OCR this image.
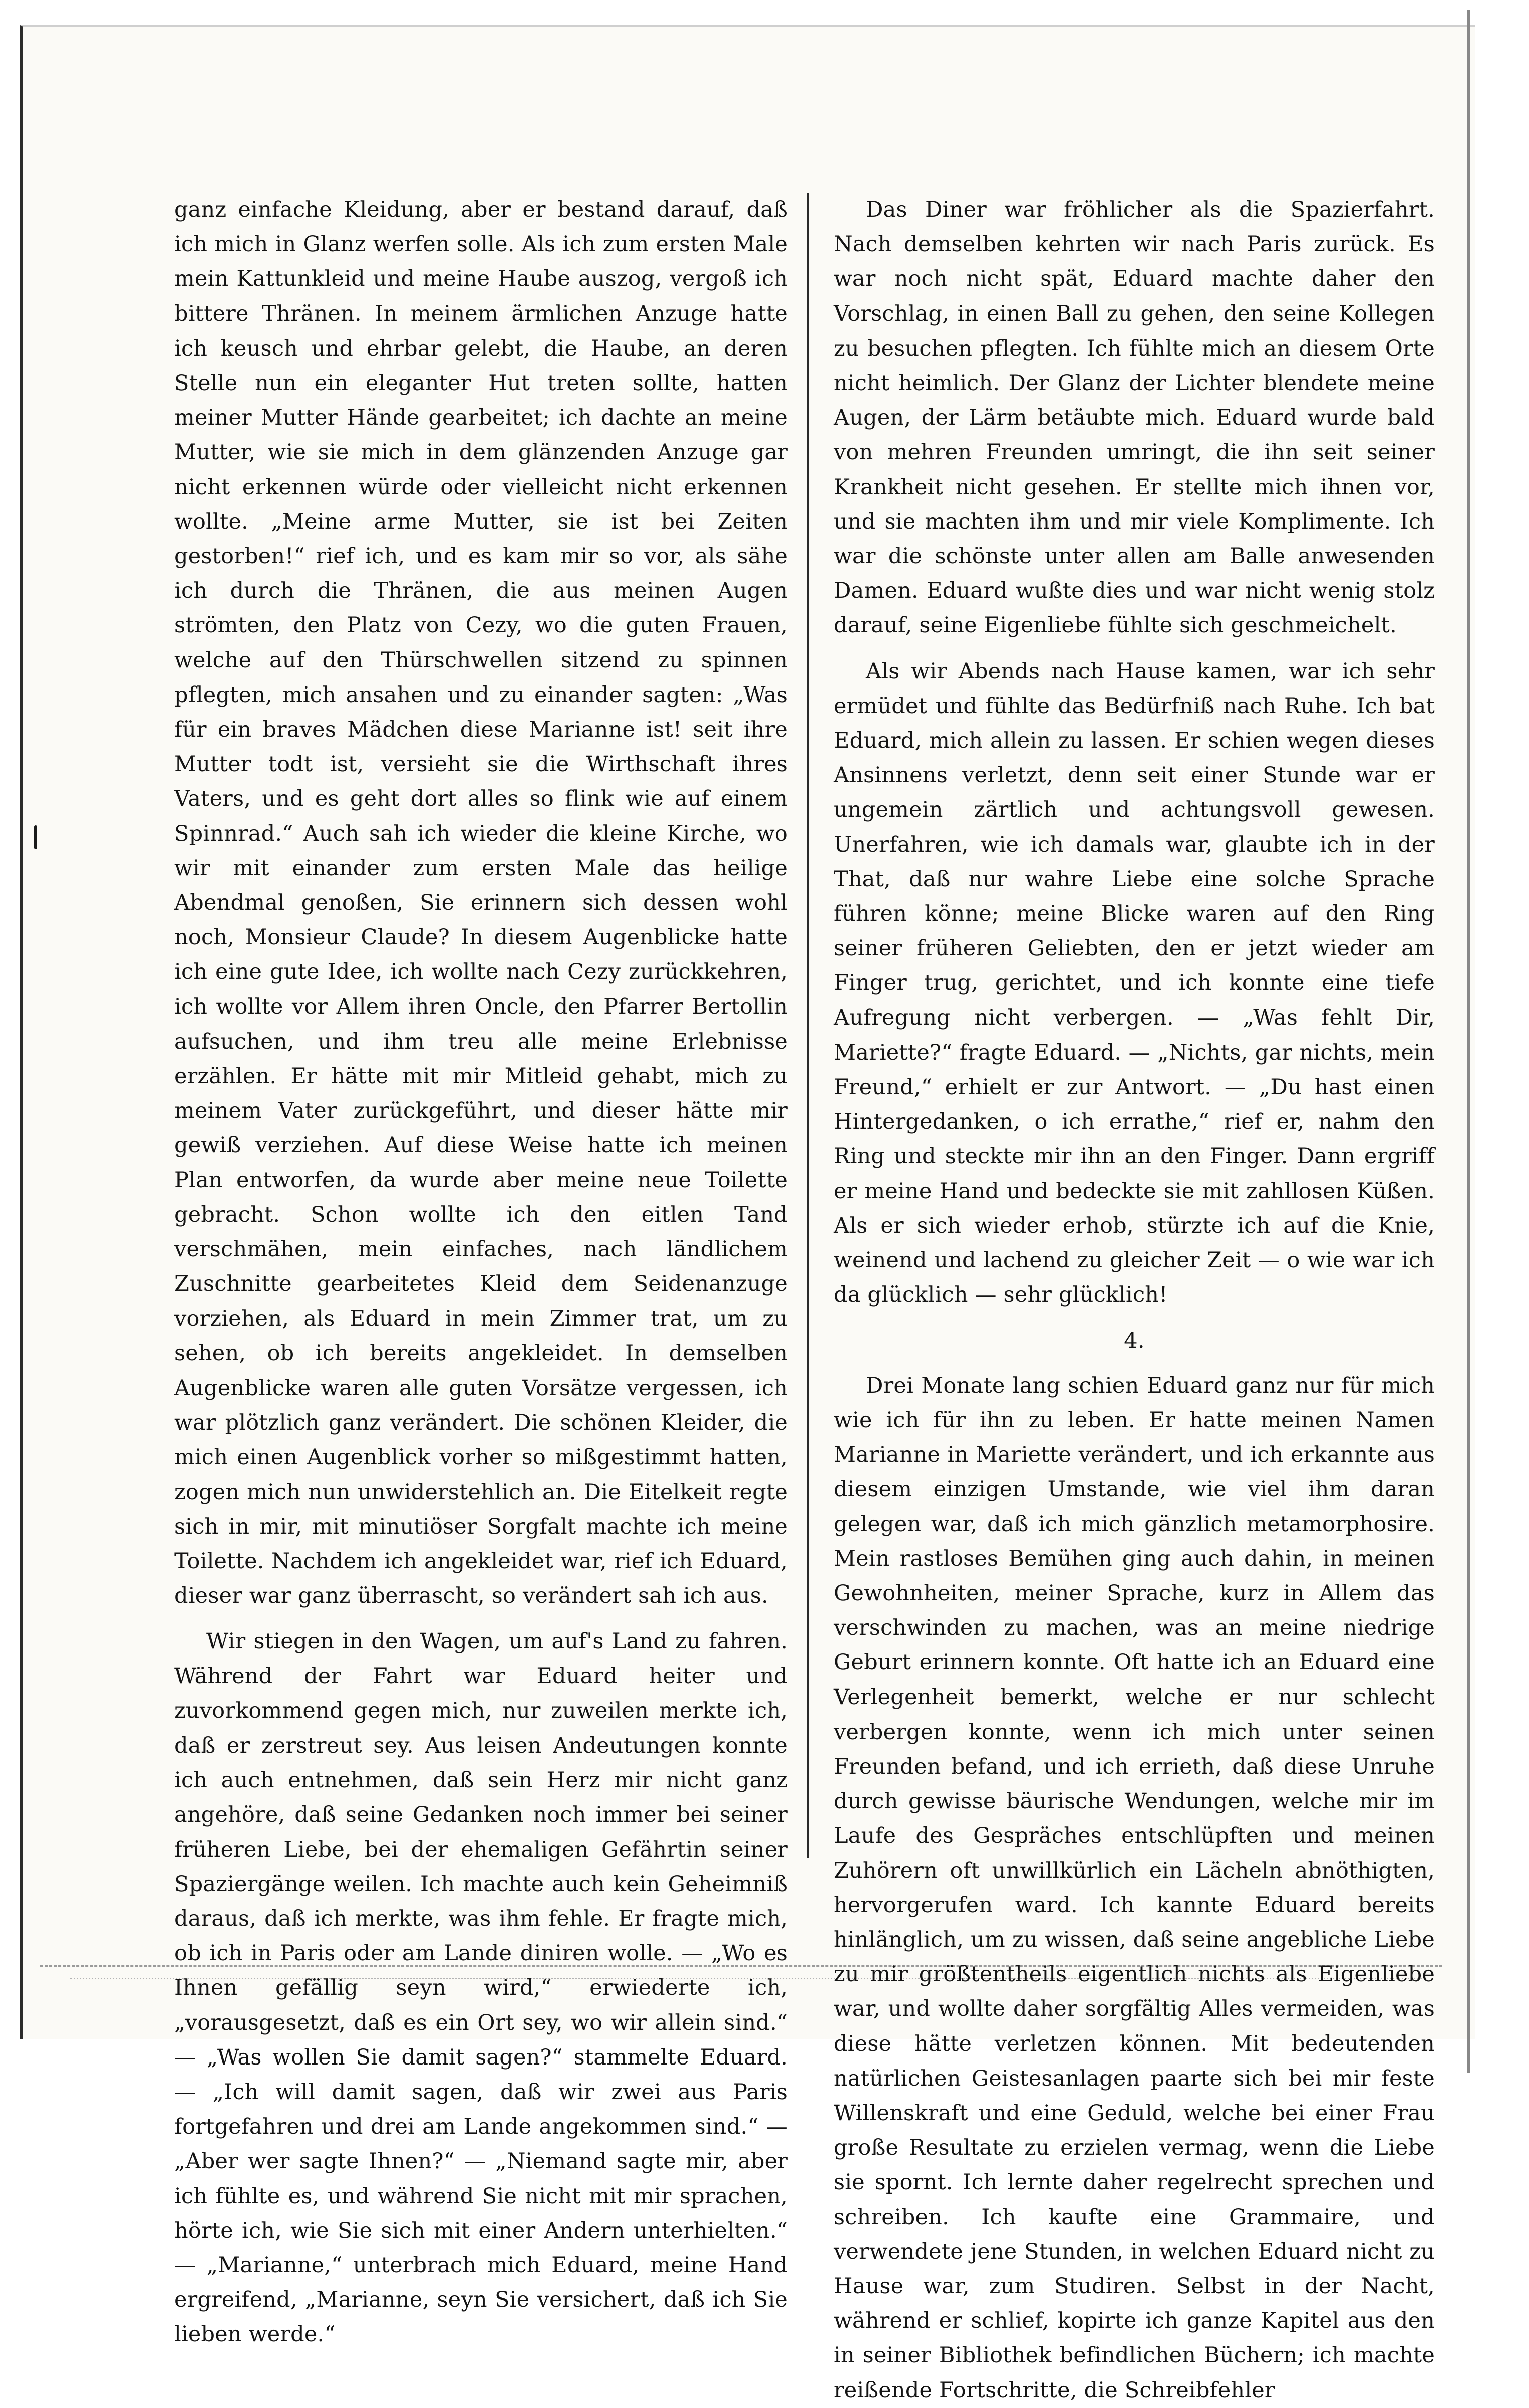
ganz einfache Kleidung, aber er bestand darauf, daß ich mich in Glanz werfen solle. Als ich zum ersten Male mein Kattunkleid und meine Haube auszog, vergoß ich bittere Thränen. In meinem ärmlichen Anzuge hatte ich keusch und ehrbar gelebt, die Haube, an deren Stelle nun ein eleganter Hut treten sollte, hatten meiner Mutter Hände gearbeitet; ich dachte an meine Mutter, wie sie mich in dem glänzenden Anzuge gar nicht erkennen würde oder vielleicht nicht erkennen wollte. „Meine arme Mutter, sie ist bei Zeiten gestorben!“ rief ich, und es kam mir so vor, als sähe ich durch die Thränen, die aus meinen Augen strömten, den Platz von Cezy, wo die guten Frauen, welche auf den Thürschwellen sitzend zu spinnen pflegten, mich ansahen und zu einander sagten: „Was für ein braves Mädchen diese Marianne ist! seit ihre Mutter todt ist, versieht sie die Wirthschaft ihres Vaters, und es geht dort alles so flink wie auf einem Spinnrad.“ Auch sah ich wieder die kleine Kirche, wo wir mit einander zum ersten Male das heilige Abendmal genoßen, Sie erinnern sich dessen wohl noch, Monsieur Claude? In diesem Augenblicke hatte ich eine gute Idee, ich wollte nach Cezy zurückkehren, ich wollte vor Allem ihren Oncle, den Pfarrer Bertollin aufsuchen, und ihm treu alle meine Erlebnisse erzählen. Er hätte mit mir Mitleid gehabt, mich zu meinem Vater zurückgeführt, und dieser hätte mir gewiß verziehen. Auf diese Weise hatte ich meinen Plan entworfen, da wurde aber meine neue Toilette gebracht. Schon wollte ich den eitlen Tand verschmähen, mein einfaches, nach ländlichem Zuschnitte gearbeitetes Kleid dem Seidenanzuge vorziehen, als Eduard in mein Zimmer trat, um zu sehen, ob ich bereits angekleidet. In demselben Augenblicke waren alle guten Vorsätze vergessen, ich war plötzlich ganz verändert. Die schönen Kleider, die mich einen Augenblick vorher so mißgestimmt hatten, zogen mich nun unwiderstehlich an. Die Eitelkeit regte sich in mir, mit minutiöser Sorgfalt machte ich meine Toilette. Nachdem ich angekleidet war, rief ich Eduard, dieser war ganz überrascht, so verändert sah ich aus.

Wir stiegen in den Wagen, um auf's Land zu fahren. Während der Fahrt war Eduard heiter und zuvorkommend gegen mich, nur zuweilen merkte ich, daß er zerstreut sey. Aus leisen Andeutungen konnte ich auch entnehmen, daß sein Herz mir nicht ganz angehöre, daß seine Gedanken noch immer bei seiner früheren Liebe, bei der ehemaligen Gefährtin seiner Spaziergänge weilen. Ich machte auch kein Geheimniß daraus, daß ich merkte, was ihm fehle. Er fragte mich, ob ich in Paris oder am Lande diniren wolle. — „Wo es Ihnen gefällig seyn wird,“ erwiederte ich, „vorausgesetzt, daß es ein Ort sey, wo wir allein sind.“ — „Was wollen Sie damit sagen?“ stammelte Eduard. — „Ich will damit sagen, daß wir zwei aus Paris fortgefahren und drei am Lande angekommen sind.“ — „Aber wer sagte Ihnen?“ — „Niemand sagte mir, aber ich fühlte es, und während Sie nicht mit mir sprachen, hörte ich, wie Sie sich mit einer Andern unterhielten.“ — „Marianne,“ unterbrach mich Eduard, meine Hand ergreifend, „Marianne, seyn Sie versichert, daß ich Sie lieben werde.“

Das Diner war fröhlicher als die Spazierfahrt. Nach demselben kehrten wir nach Paris zurück. Es war noch nicht spät, Eduard machte daher den Vorschlag, in einen Ball zu gehen, den seine Kollegen zu besuchen pflegten. Ich fühlte mich an diesem Orte nicht heimlich. Der Glanz der Lichter blendete meine Augen, der Lärm betäubte mich. Eduard wurde bald von mehren Freunden umringt, die ihn seit seiner Krankheit nicht gesehen. Er stellte mich ihnen vor, und sie machten ihm und mir viele Komplimente. Ich war die schönste unter allen am Balle anwesenden Damen. Eduard wußte dies und war nicht wenig stolz darauf, seine Eigenliebe fühlte sich geschmeichelt.

Als wir Abends nach Hause kamen, war ich sehr ermüdet und fühlte das Bedürfniß nach Ruhe. Ich bat Eduard, mich allein zu lassen. Er schien wegen dieses Ansinnens verletzt, denn seit einer Stunde war er ungemein zärtlich und achtungsvoll gewesen. Unerfahren, wie ich damals war, glaubte ich in der That, daß nur wahre Liebe eine solche Sprache führen könne; meine Blicke waren auf den Ring seiner früheren Geliebten, den er jetzt wieder am Finger trug, gerichtet, und ich konnte eine tiefe Aufregung nicht verbergen. — „Was fehlt Dir, Mariette?“ fragte Eduard. — „Nichts, gar nichts, mein Freund,“ erhielt er zur Antwort. — „Du hast einen Hintergedanken, o ich errathe,“ rief er, nahm den Ring und steckte mir ihn an den Finger. Dann ergriff er meine Hand und bedeckte sie mit zahllosen Küßen. Als er sich wieder erhob, stürzte ich auf die Knie, weinend und lachend zu gleicher Zeit — o wie war ich da glücklich — sehr glücklich!

4.

Drei Monate lang schien Eduard ganz nur für mich wie ich für ihn zu leben. Er hatte meinen Namen Marianne in Mariette verändert, und ich erkannte aus diesem einzigen Umstande, wie viel ihm daran gelegen war, daß ich mich gänzlich metamorphosire. Mein rastloses Bemühen ging auch dahin, in meinen Gewohnheiten, meiner Sprache, kurz in Allem das verschwinden zu machen, was an meine niedrige Geburt erinnern konnte. Oft hatte ich an Eduard eine Verlegenheit bemerkt, welche er nur schlecht verbergen konnte, wenn ich mich unter seinen Freunden befand, und ich errieth, daß diese Unruhe durch gewisse bäurische Wendungen, welche mir im Laufe des Gespräches entschlüpften und meinen Zuhörern oft unwillkürlich ein Lächeln abnöthigten, hervorgerufen ward. Ich kannte Eduard bereits hinlänglich, um zu wissen, daß seine angebliche Liebe zu mir größtentheils eigentlich nichts als Eigenliebe war, und wollte daher sorgfältig Alles vermeiden, was diese hätte verletzen können. Mit bedeutenden natürlichen Geistesanlagen paarte sich bei mir feste Willenskraft und eine Geduld, welche bei einer Frau große Resultate zu erzielen vermag, wenn die Liebe sie spornt. Ich lernte daher regelrecht sprechen und schreiben. Ich kaufte eine Grammaire, und verwendete jene Stunden, in welchen Eduard nicht zu Hause war, zum Studiren. Selbst in der Nacht, während er schlief, kopirte ich ganze Kapitel aus den in seiner Bibliothek befindlichen Büchern; ich machte reißende Fortschritte, die Schreibfehler
